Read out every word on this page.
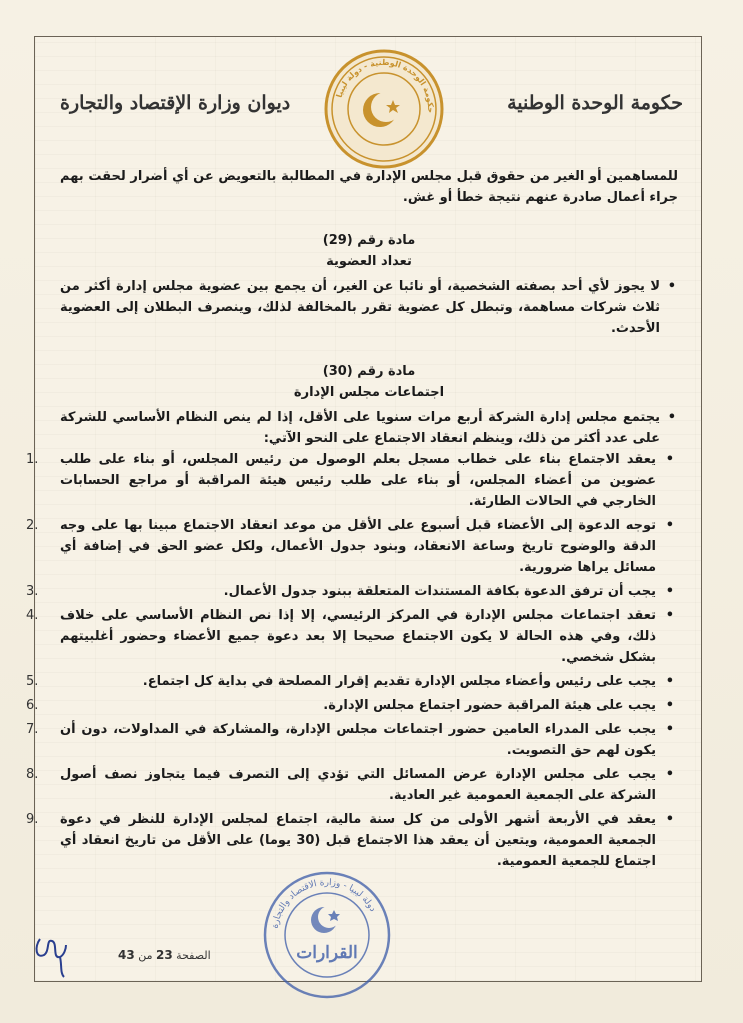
حكومة الوحدة الوطنية
ديوان وزارة الإقتصاد والتجارة	حكومة الوحدة الوطنية - دولة ليبيا

للمساهمين أو الغير من حقوق قبل مجلس الإدارة في المطالبة بالتعويض عن أي أضرار لحقت بهم جراء أعمال صادرة عنهم نتيجة خطأ أو غش.

مادة رقم (29)

تعداد العضوية

•
لا يجوز لأي أحد بصفته الشخصية، أو نائبا عن الغير، أن يجمع بين عضوية مجلس إدارة أكثر من ثلاث شركات مساهمة، وتبطل كل عضوية تقرر بالمخالفة لذلك، وينصرف البطلان إلى العضوية الأحدث.

مادة رقم (30)

اجتماعات مجلس الإدارة

•
يجتمع مجلس إدارة الشركة أربع مرات سنويا على الأقل، إذا لم ينص النظام الأساسي للشركة على عدد أكثر من ذلك، وينظم انعقاد الاجتماع على النحو الآتي:

•
1. يعقد الاجتماع بناء على خطاب مسجل بعلم الوصول من رئيس المجلس، أو بناء على طلب عضوين من أعضاء المجلس، أو بناء على طلب رئيس هيئة المراقبة أو مراجع الحسابات الخارجي في الحالات الطارئة.

•
2. توجه الدعوة إلى الأعضاء قبل أسبوع على الأقل من موعد انعقاد الاجتماع مبينا بها على وجه الدقة والوضوح تاريخ وساعة الانعقاد، وبنود جدول الأعمال، ولكل عضو الحق في إضافة أي مسائل يراها ضرورية.

•
3.	يجب أن ترفق الدعوة بكافة المستندات المتعلقة ببنود جدول الأعمال.

•
4. تعقد اجتماعات مجلس الإدارة في المركز الرئيسي، إلا إذا نص النظام الأساسي على خلاف ذلك، وفي هذه الحالة لا يكون الاجتماع صحيحا إلا بعد دعوة جميع الأعضاء وحضور أغلبيتهم بشكل شخصي.

•
5.	يجب على رئيس وأعضاء مجلس الإدارة تقديم إقرار المصلحة في بداية كل اجتماع.

•
6.	يجب على هيئة المراقبة حضور اجتماع مجلس الإدارة.

•
7. يجب على المدراء العامين حضور اجتماعات مجلس الإدارة، والمشاركة في المداولات، دون أن يكون لهم حق التصويت.

•
8. يجب على مجلس الإدارة عرض المسائل التي تؤدي إلى التصرف فيما يتجاوز نصف أصول الشركة على الجمعية العمومية غير العادية.

•
9. يعقد في الأربعة أشهر الأولى من كل سنة مالية، اجتماع لمجلس الإدارة للنظر في دعوة الجمعية العمومية، ويتعين أن يعقد هذا الاجتماع قبل (30 يوما) على الأقل من تاريخ انعقاد أي اجتماع للجمعية العمومية.

دولة ليبيا - وزارة الاقتصاد والتجارة
القرارات
الصفحة 23 من 43
